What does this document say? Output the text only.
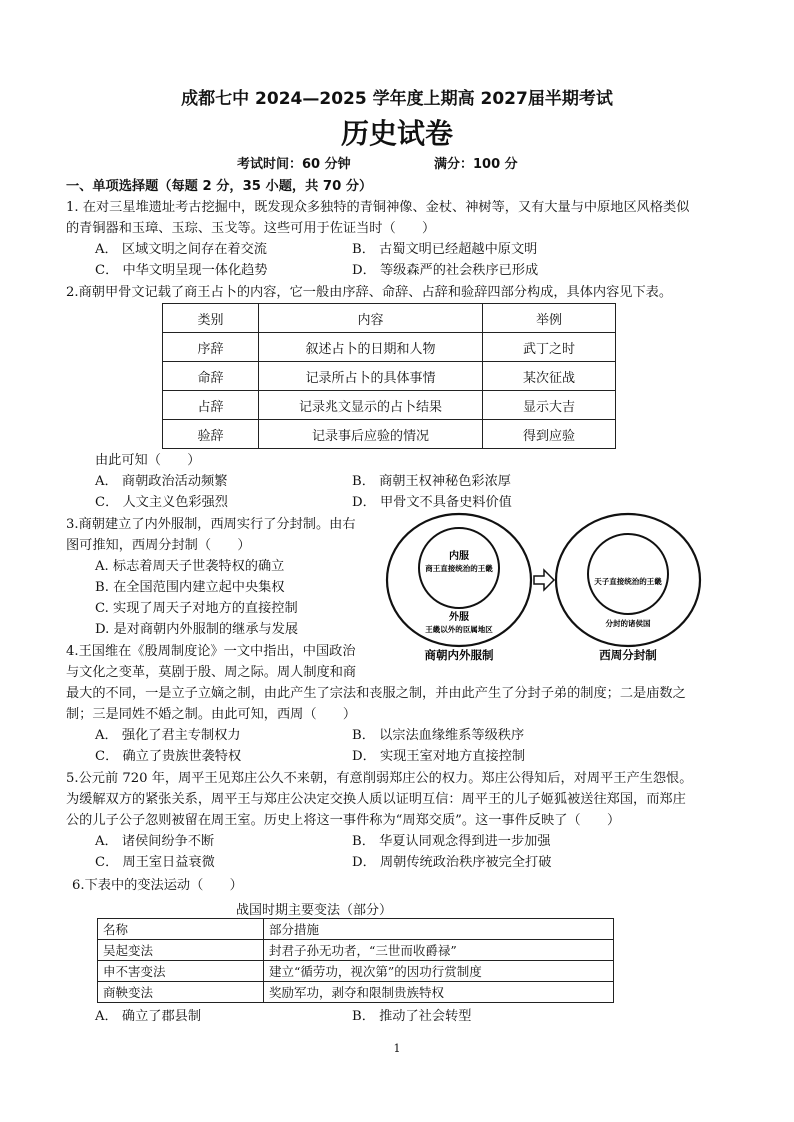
成都七中 2024—2025 学年度上期高 2027届半期考试
历史试卷
考试时间：60 分钟	满分：100 分
一、单项选择题（每题 2 分，35 小题，共 70 分）
1. 在对三星堆遗址考古挖掘中，既发现众多独特的青铜神像、金杖、神树等，又有大量与中原地区风格类似
的青铜器和玉璋、玉琮、玉戈等。这些可用于佐证当时（　　）
A． 区域文明之间存在着交流	B． 古蜀文明已经超越中原文明
C． 中华文明呈现一体化趋势	D． 等级森严的社会秩序已形成
2.商朝甲骨文记载了商王占卜的内容，它一般由序辞、命辞、占辞和验辞四部分构成，具体内容见下表。
类别	内容	举例
序辞	叙述占卜的日期和人物	武丁之时
命辞	记录所占卜的具体事情	某次征战
占辞	记录兆文显示的占卜结果	显示大吉
验辞	记录事后应验的情况	得到应验
由此可知（　　）
A． 商朝政治活动频繁	B． 商朝王权神秘色彩浓厚
C． 人文主义色彩强烈	D． 甲骨文不具备史料价值
3.商朝建立了内外服制，西周实行了分封制。由右
图可推知，西周分封制（　　）
A. 标志着周天子世袭特权的确立
B. 在全国范围内建立起中央集权
C. 实现了周天子对地方的直接控制
D. 是对商朝内外服制的继承与发展
内服
商王直接统治的王畿
外服
王畿以外的臣属地区
商朝内外服制
天子直接统治的王畿
分封的诸侯国
西周分封制
4.王国维在《殷周制度论》一文中指出，中国政治
与文化之变革，莫剧于殷、周之际。周人制度和商
最大的不同，一是立子立嫡之制，由此产生了宗法和丧服之制，并由此产生了分封子弟的制度；二是庙数之
制；三是同姓不婚之制。由此可知，西周（　　）
A． 强化了君主专制权力	B． 以宗法血缘维系等级秩序
C． 确立了贵族世袭特权	D． 实现王室对地方直接控制
5.公元前 720 年，周平王见郑庄公久不来朝，有意削弱郑庄公的权力。郑庄公得知后，对周平王产生怨恨。
为缓解双方的紧张关系，周平王与郑庄公决定交换人质以证明互信：周平王的儿子姬狐被送往郑国，而郑庄
公的儿子公子忽则被留在周王室。历史上将这一事件称为“周郑交质”。这一事件反映了（　　）
A． 诸侯间纷争不断	B． 华夏认同观念得到进一步加强
C． 周王室日益衰微	D． 周朝传统政治秩序被完全打破
6.下表中的变法运动（　　）
战国时期主要变法（部分）
名称	部分措施
吴起变法	封君子孙无功者，“三世而收爵禄”
申不害变法	建立“循劳功，视次第”的因功行赏制度
商鞅变法	奖励军功，剥夺和限制贵族特权
A． 确立了郡县制	B． 推动了社会转型
1
